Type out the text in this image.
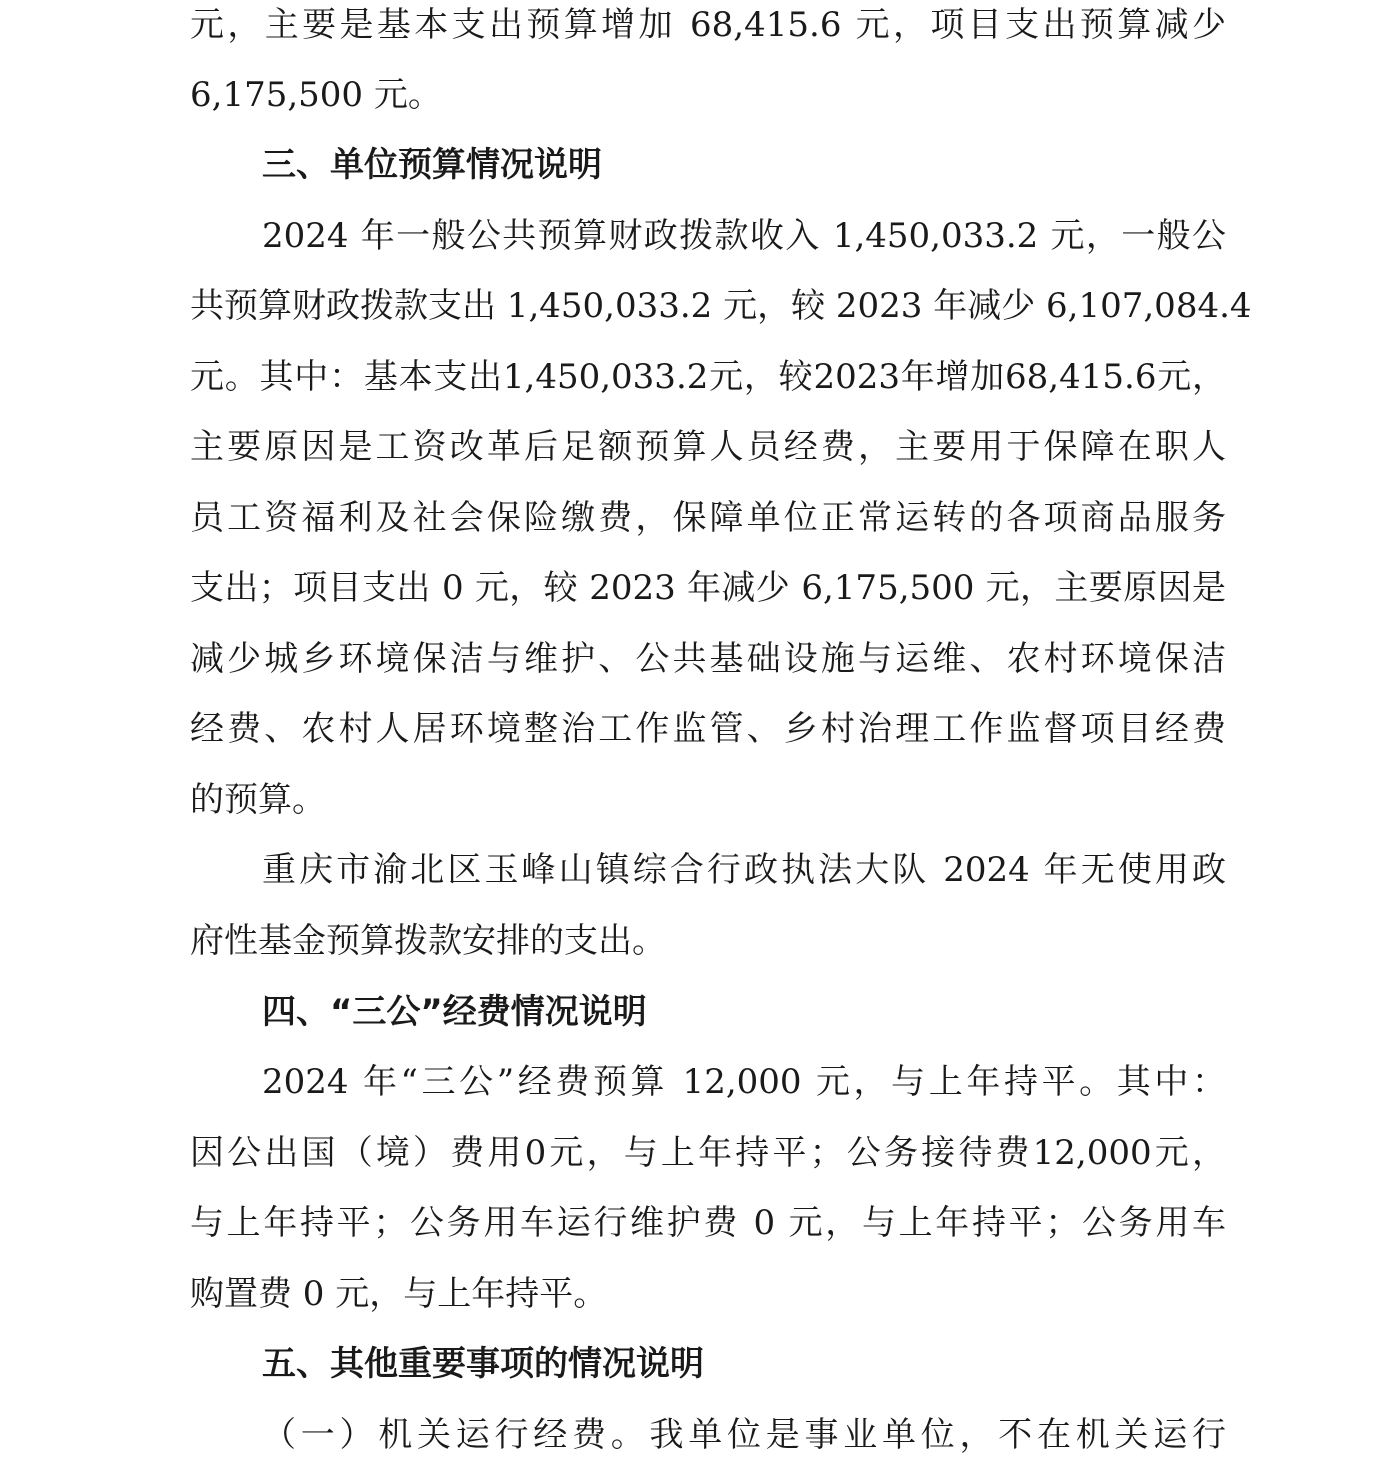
元，主要是基本支出预算增加 68,415.6 元，项目支出预算减少
6,175,500 元。
三、单位预算情况说明
2024 年一般公共预算财政拨款收入 1,450,033.2 元，一般公
共预算财政拨款支出 1,450,033.2 元，较 2023 年减少 6,107,084.4
元。其中：基本支出1,450,033.2元，较2023年增加68,415.6元，
主要原因是工资改革后足额预算人员经费，主要用于保障在职人
员工资福利及社会保险缴费，保障单位正常运转的各项商品服务
支出；项目支出 0 元，较 2023 年减少 6,175,500 元，主要原因是
减少城乡环境保洁与维护、公共基础设施与运维、农村环境保洁
经费、农村人居环境整治工作监管、乡村治理工作监督项目经费
的预算。
重庆市渝北区玉峰山镇综合行政执法大队 2024 年无使用政
府性基金预算拨款安排的支出。
四、“三公”经费情况说明
2024 年“三公”经费预算 12,000 元，与上年持平。其中：
因公出国（境）费用0元，与上年持平；公务接待费12,000元，
与上年持平；公务用车运行维护费 0 元，与上年持平；公务用车
购置费 0 元，与上年持平。
五、其他重要事项的情况说明
（一）机关运行经费。我单位是事业单位，不在机关运行
